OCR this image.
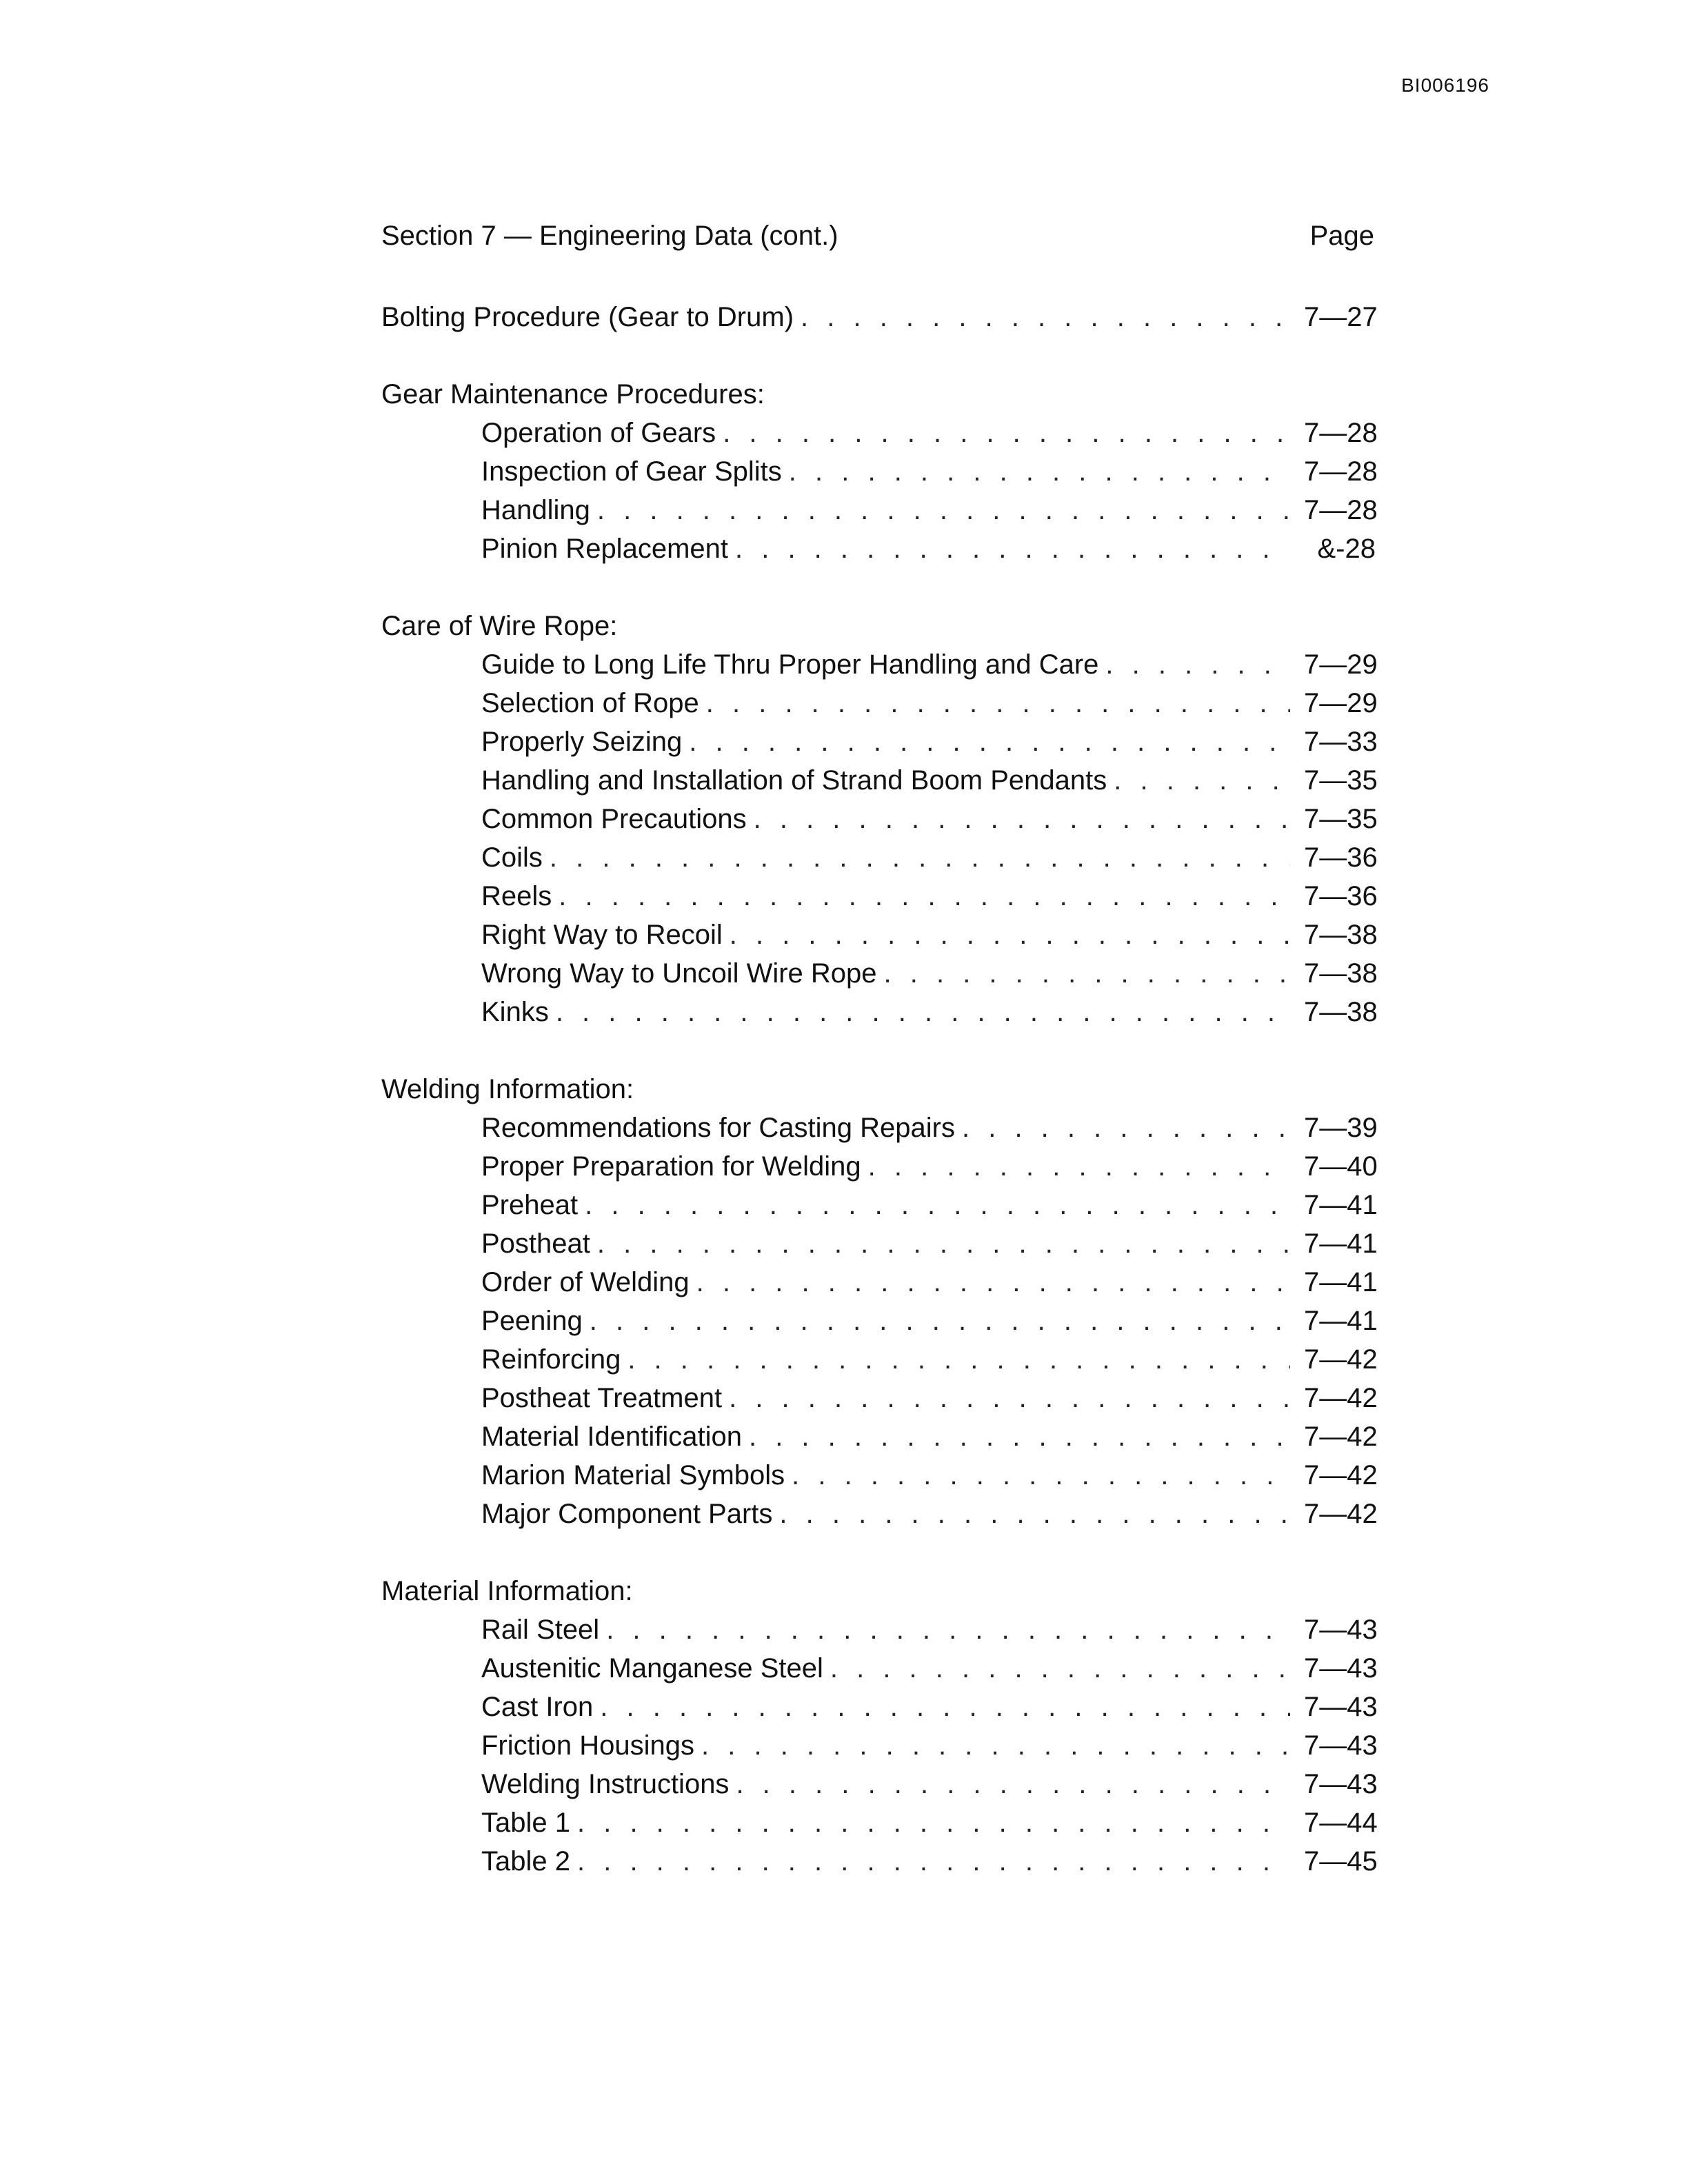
BI006196
Section 7 — Engineering Data (cont.)	Page
Bolting Procedure (Gear to Drum) . . .	7—27
Gear Maintenance Procedures:
Operation of Gears . . .	7—28
Inspection of Gear Splits . . .	7—28
Handling . . .	7—28
Pinion Replacement . . .	&-28
Care of Wire Rope:
Guide to Long Life Thru Proper Handling and Care . . .	7—29
Selection of Rope . . .	7—29
Properly Seizing . . .	7—33
Handling and Installation of Strand Boom Pendants . . .	7—35
Common Precautions . . .	7—35
Coils . . .	7—36
Reels . . .	7—36
Right Way to Recoil . . .	7—38
Wrong Way to Uncoil Wire Rope . . .	7—38
Kinks . . .	7—38
Welding Information:
Recommendations for Casting Repairs . . .	7—39
Proper Preparation for Welding . . .	7—40
Preheat . . .	7—41
Postheat . . .	7—41
Order of Welding . . .	7—41
Peening . . .	7—41
Reinforcing . . .	7—42
Postheat Treatment . . .	7—42
Material Identification . . .	7—42
Marion Material Symbols . . .	7—42
Major Component Parts . . .	7—42
Material Information:
Rail Steel . . .	7—43
Austenitic Manganese Steel . . .	7—43
Cast Iron . . .	7—43
Friction Housings . . .	7—43
Welding Instructions . . .	7—43
Table 1 . . .	7—44
Table 2 . . .	7—45
